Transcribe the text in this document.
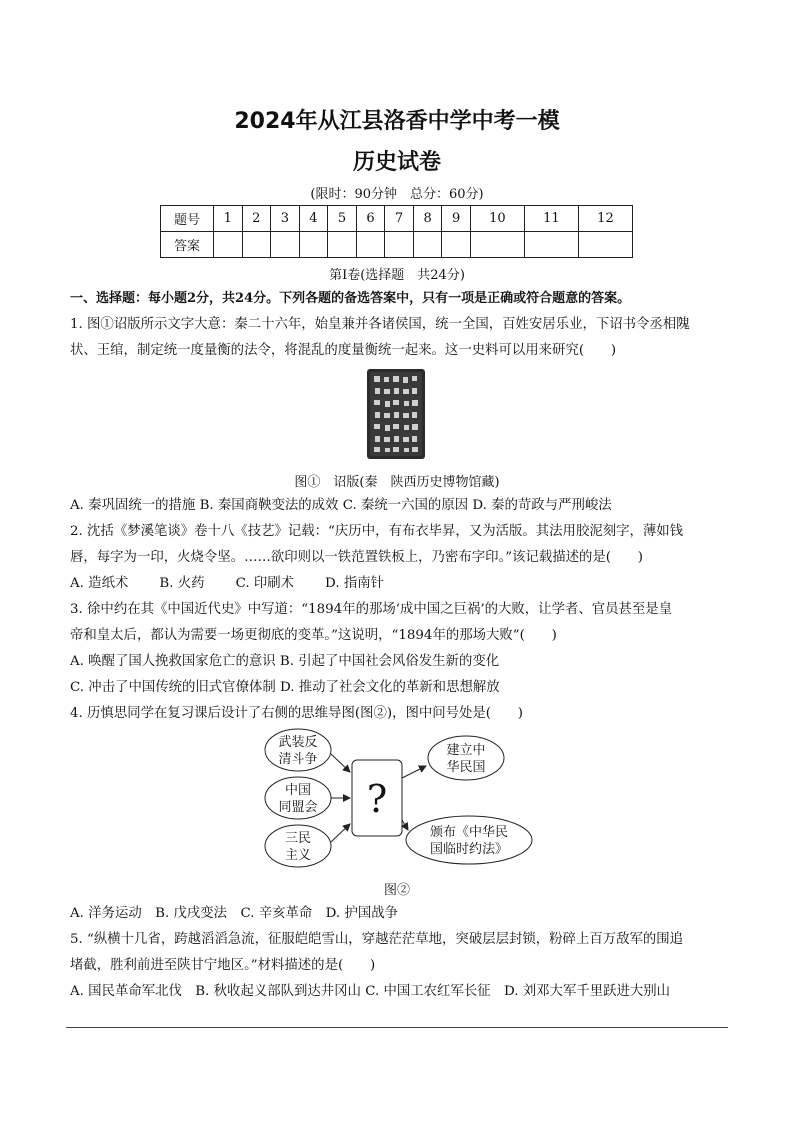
2024年从江县洛香中学中考一模
历史试卷
(限时：90分钟　总分：60分)
题号	1	2	3	4	5	6	7	8	9	10	11	12
答案												
第Ⅰ卷(选择题　共24分)
一、选择题：每小题2分，共24分。下列各题的备选答案中，只有一项是正确或符合题意的答案。
1. 图①诏版所示文字大意：秦二十六年，始皇兼并各诸侯国，统一全国，百姓安居乐业，下诏书令丞相隗
状、王绾，制定统一度量衡的法令，将混乱的度量衡统一起来。这一史料可以用来研究(　　)
图①　诏版(秦　陕西历史博物馆藏)
A. 秦巩固统一的措施 B. 秦国商鞅变法的成效 C. 秦统一六国的原因 D. 秦的苛政与严刑峻法
2. 沈括《梦溪笔谈》卷十八《技艺》记载：“庆历中，有布衣毕昇，又为活版。其法用胶泥刻字，薄如钱
唇，每字为一印，火烧令坚。……欲印则以一铁范置铁板上，乃密布字印。”该记载描述的是(　　)
A. 造纸术　　 B. 火药　　 C. 印刷术　　 D. 指南针
3. 徐中约在其《中国近代史》中写道：“1894年的那场‘成中国之巨祸’的大败，让学者、官员甚至是皇
帝和皇太后，都认为需要一场更彻底的变革。”这说明，“1894年的那场大败”(　　)
A. 唤醒了国人挽救国家危亡的意识 B. 引起了中国社会风俗发生新的变化
C. 冲击了中国传统的旧式官僚体制 D. 推动了社会文化的革新和思想解放
4. 历慎思同学在复习课后设计了右侧的思维导图(图②)，图中问号处是(　　)
武装反
清斗争
中国
同盟会
三民
主义
?
建立中
华民国
颁布《中华民
国临时约法》
图②
A. 洋务运动　B. 戊戌变法　C. 辛亥革命　D. 护国战争
5. “纵横十几省，跨越滔滔急流，征服皑皑雪山，穿越茫茫草地，突破层层封锁，粉碎上百万敌军的围追
堵截，胜利前进至陕甘宁地区。”材料描述的是(　　)
A. 国民革命军北伐　B. 秋收起义部队到达井冈山 C. 中国工农红军长征　D. 刘邓大军千里跃进大别山
